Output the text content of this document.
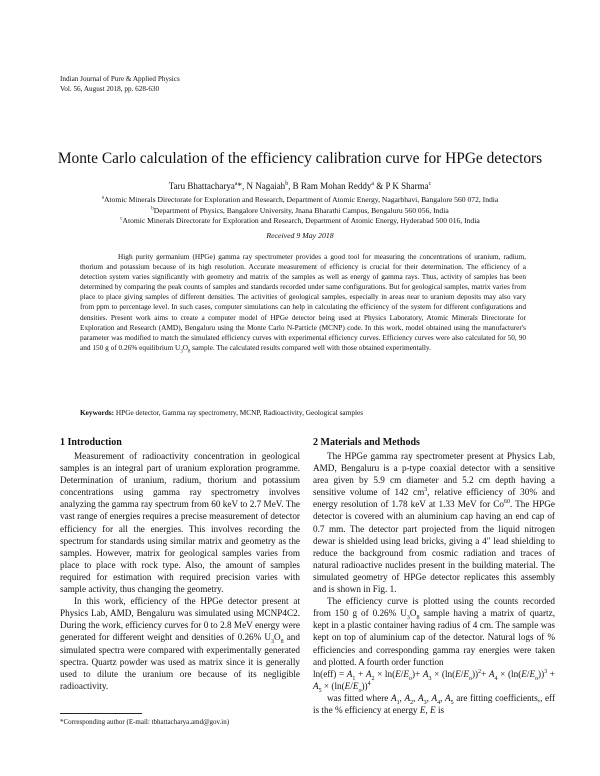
Indian Journal of Pure & Applied Physics
Vol. 56, August 2018, pp. 628-630
Monte Carlo calculation of the efficiency calibration curve for HPGe detectors
Taru Bhattacharya$^a$*, N Nagaiah$^b$, B Ram Mohan Reddy$^a$ & P K Sharma$^c$
$^a$Atomic Minerals Directorate for Exploration and Research, Department of Atomic Energy, Nagarbhavi, Bangalore 560 072, India
$^b$Department of Physics, Bangalore University, Jnana Bharathi Campus, Bengaluru 560 056, India
$^c$Atomic Minerals Directorate for Exploration and Research, Department of Atomic Energy, Hyderabad 500 016, India
Received 9 May 2018

High purity germanium (HPGe) gamma ray spectrometer provides a good tool for measuring the concentrations of uranium, radium, thorium and potassium because of its high resolution. Accurate measurement of efficiency is crucial for their determination. The efficiency of a detection system varies significantly with geometry and matrix of the samples as well as energy of gamma rays. Thus, activity of samples has been determined by comparing the peak counts of samples and standards recorded under same configurations. But for geological samples, matrix varies from place to place giving samples of different densities. The activities of geological samples, especially in areas near to uranium deposits may also vary from ppm to percentage level. In such cases, computer simulations can help in calculating the efficiency of the system for different configurations and densities. Present work aims to create a computer model of HPGe detector being used at Physics Laboratory, Atomic Minerals Directorate for Exploration and Research (AMD), Bengaluru using the Monte Carlo N-Particle (MCNP) code. In this work, model obtained using the manufacturer's parameter was modified to match the simulated efficiency curves with experimental efficiency curves. Efficiency curves were also calculated for 50, 90 and 150 g of 0.26% equilibrium $U_3O_8$ sample. The calculated results compared well with those obtained experimentally.

Keywords: HPGe detector, Gamma ray spectrometry, MCNP, Radioactivity, Geological samples
1 Introduction

Measurement of radioactivity concentration in geological samples is an integral part of uranium exploration programme. Determination of uranium, radium, thorium and potassium concentrations using gamma ray spectrometry involves analyzing the gamma ray spectrum from 60 keV to 2.7 MeV. The vast range of energies requires a precise measurement of detector efficiency for all the energies. This involves recording the spectrum for standards using similar matrix and geometry as the samples. However, matrix for geological samples varies from place to place with rock type. Also, the amount of samples required for estimation with required precision varies with sample activity, thus changing the geometry.

In this work, efficiency of the HPGe detector present at Physics Lab, AMD, Bengaluru was simulated using MCNP4C2. During the work, efficiency curves for 0 to 2.8 MeV energy were generated for different weight and densities of 0.26% $U_3O_8$ and simulated spectra were compared with experimentally generated spectra. Quartz powder was used as matrix since it is generally used to dilute the uranium ore because of its negligible radioactivity.

2 Materials and Methods

The HPGe gamma ray spectrometer present at Physics Lab, AMD, Bengaluru is a p-type coaxial detector with a sensitive area given by 5.9 cm diameter and 5.2 cm depth having a sensitive volume of 142 $cm^3$, relative efficiency of 30% and energy resolution of 1.78 keV at 1.33 MeV for Co$^{60}$. The HPGe detector is covered with an aluminium cap having an end cap of 0.7 mm. The detector part projected from the liquid nitrogen dewar is shielded using lead bricks, giving a 4" lead shielding to reduce the background from cosmic radiation and traces of natural radioactive nuclides present in the building material. The simulated geometry of HPGe detector replicates this assembly and is shown in Fig. 1.

The efficiency curve is plotted using the counts recorded from 150 g of 0.26% $U_3O_8$ sample having a matrix of quartz, kept in a plastic container having radius of 4 cm. The sample was kept on top of aluminium cap of the detector. Natural logs of % efficiencies and corresponding gamma ray energies were taken and plotted. A fourth order function

$\ln(eff) = A_1 + A_2 \times \ln(E/E_o)+ A_3 \times (\ln(E/E_o))^2+ A_4 \times (\ln(E/E_o))^3 + A_5 \times (\ln(E/E_o))^4$

was fitted where $A_1$, $A_2$, $A_3$, $A_4$, $A_5$ are fitting coefficients,, eff is the % efficiency at energy E, E is

*Corresponding author (E-mail: tbhattacharya.amd@gov.in)
